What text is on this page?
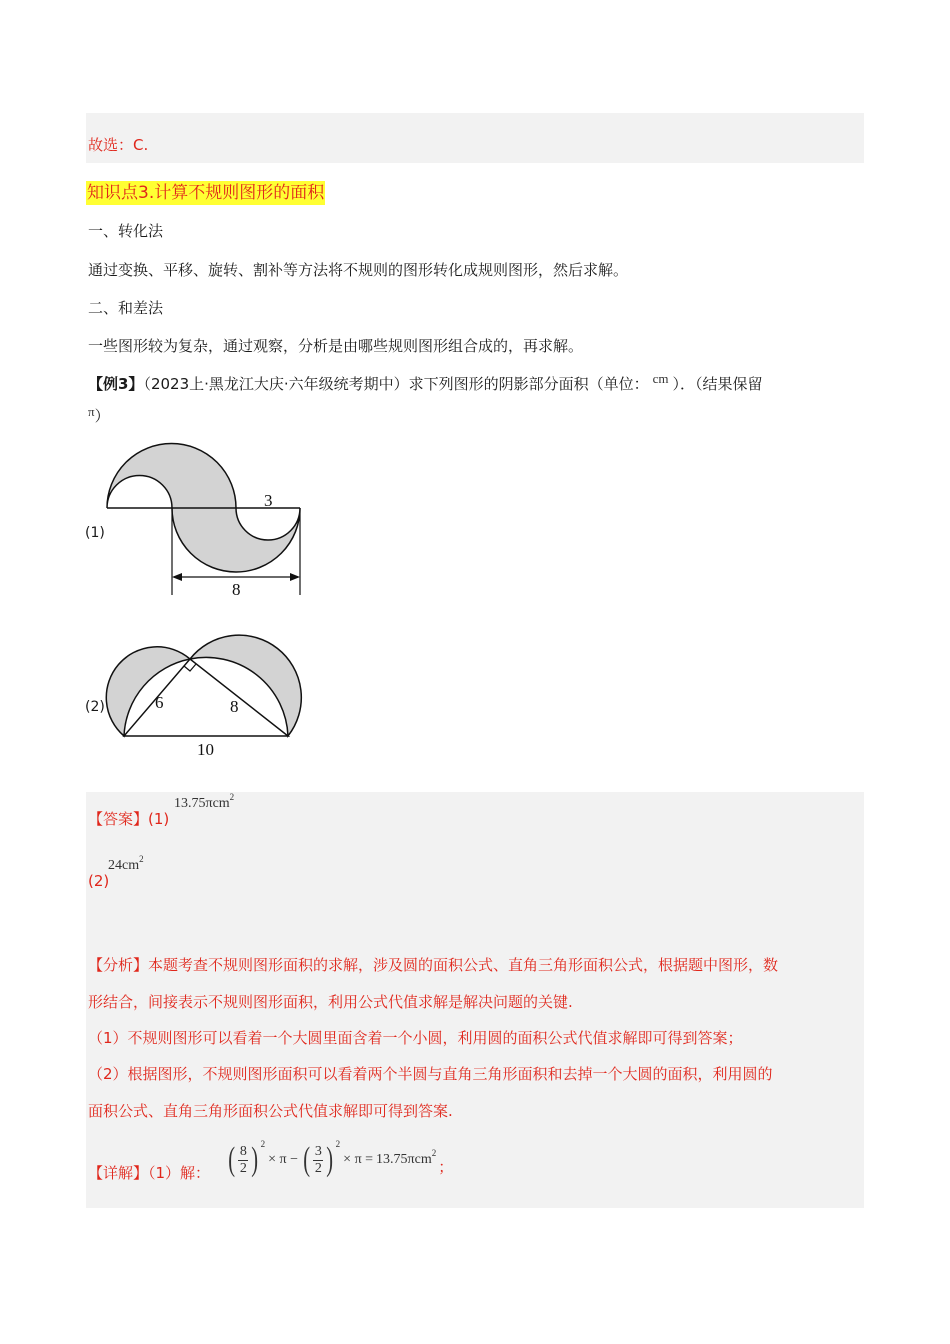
故选：C.
知识点3.计算不规则图形的面积
一、转化法
通过变换、平移、旋转、割补等方法将不规则的图形转化成规则图形，然后求解。
二、和差法
一些图形较为复杂，通过观察，分析是由哪些规则图形组合成的，再求解。
【例3】（2023上·黑龙江大庆·六年级统考期中）求下列图形的阴影部分面积（单位： cm ）．（结果保留
π）
(1)
3
8
(2)	6	8
10
【答案】(1)
13.75πcm$^2$
(2)
$24cm^2$
【分析】本题考查不规则图形面积的求解，涉及圆的面积公式、直角三角形面积公式，根据题中图形，数
形结合，间接表示不规则图形面积，利用公式代值求解是解决问题的关键.
（1）不规则图形可以看着一个大圆里面含着一个小圆，利用圆的面积公式代值求解即可得到答案；
（2）根据图形，不规则图形面积可以看着两个半圆与直角三角形面积和去掉一个大圆的面积，利用圆的
面积公式、直角三角形面积公式代值求解即可得到答案.
【详解】（1）解： ( 8
2 ) 2
× π − ( 3
2 ) 2
× π = 13.75πcm 2
；
